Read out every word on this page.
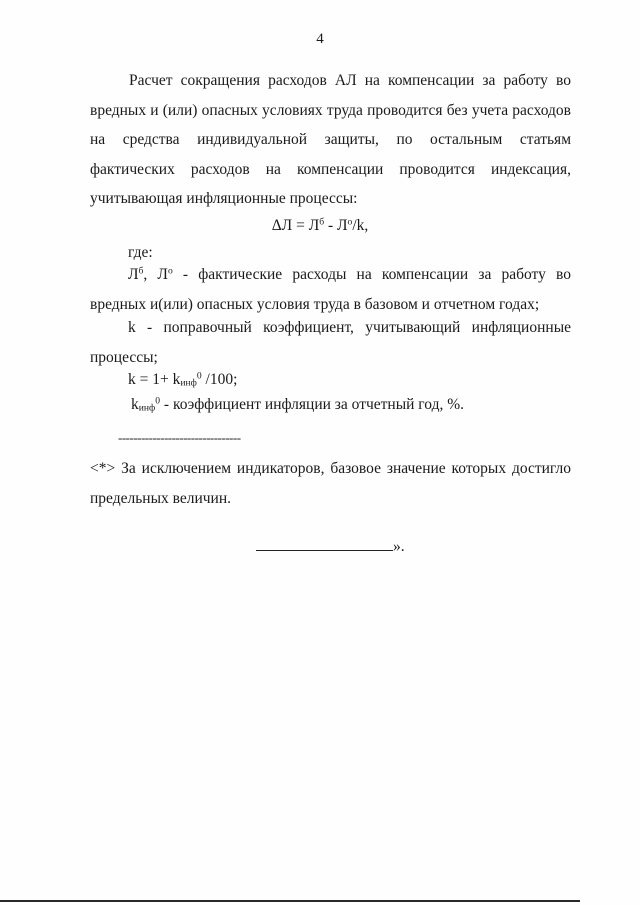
4

Расчет сокращения расходов АЛ на компенсации за работу во вредных и (или) опасных условиях труда проводится без учета расходов на средства индивидуальной защиты, по остальным статьям фактических расходов на компенсации проводится индексация, учитывающая инфляционные процессы:

$\Delta Л = Л^б - Л^о/k$,
где:
$Л^б$, $Л^о$ - фактические расходы на компенсации за работу во вредных и(или) опасных условия труда в базовом и отчетном годах;
k - поправочный коэффициент, учитывающий инфляционные процессы;
$k = 1+ k_{инф}^0$ /100;
$k_{инф}^0$ - коэффициент инфляции за отчетный год, %.
--------------------------------
<*> За исключением индикаторов, базовое значение которых достигло предельных величин.
».
